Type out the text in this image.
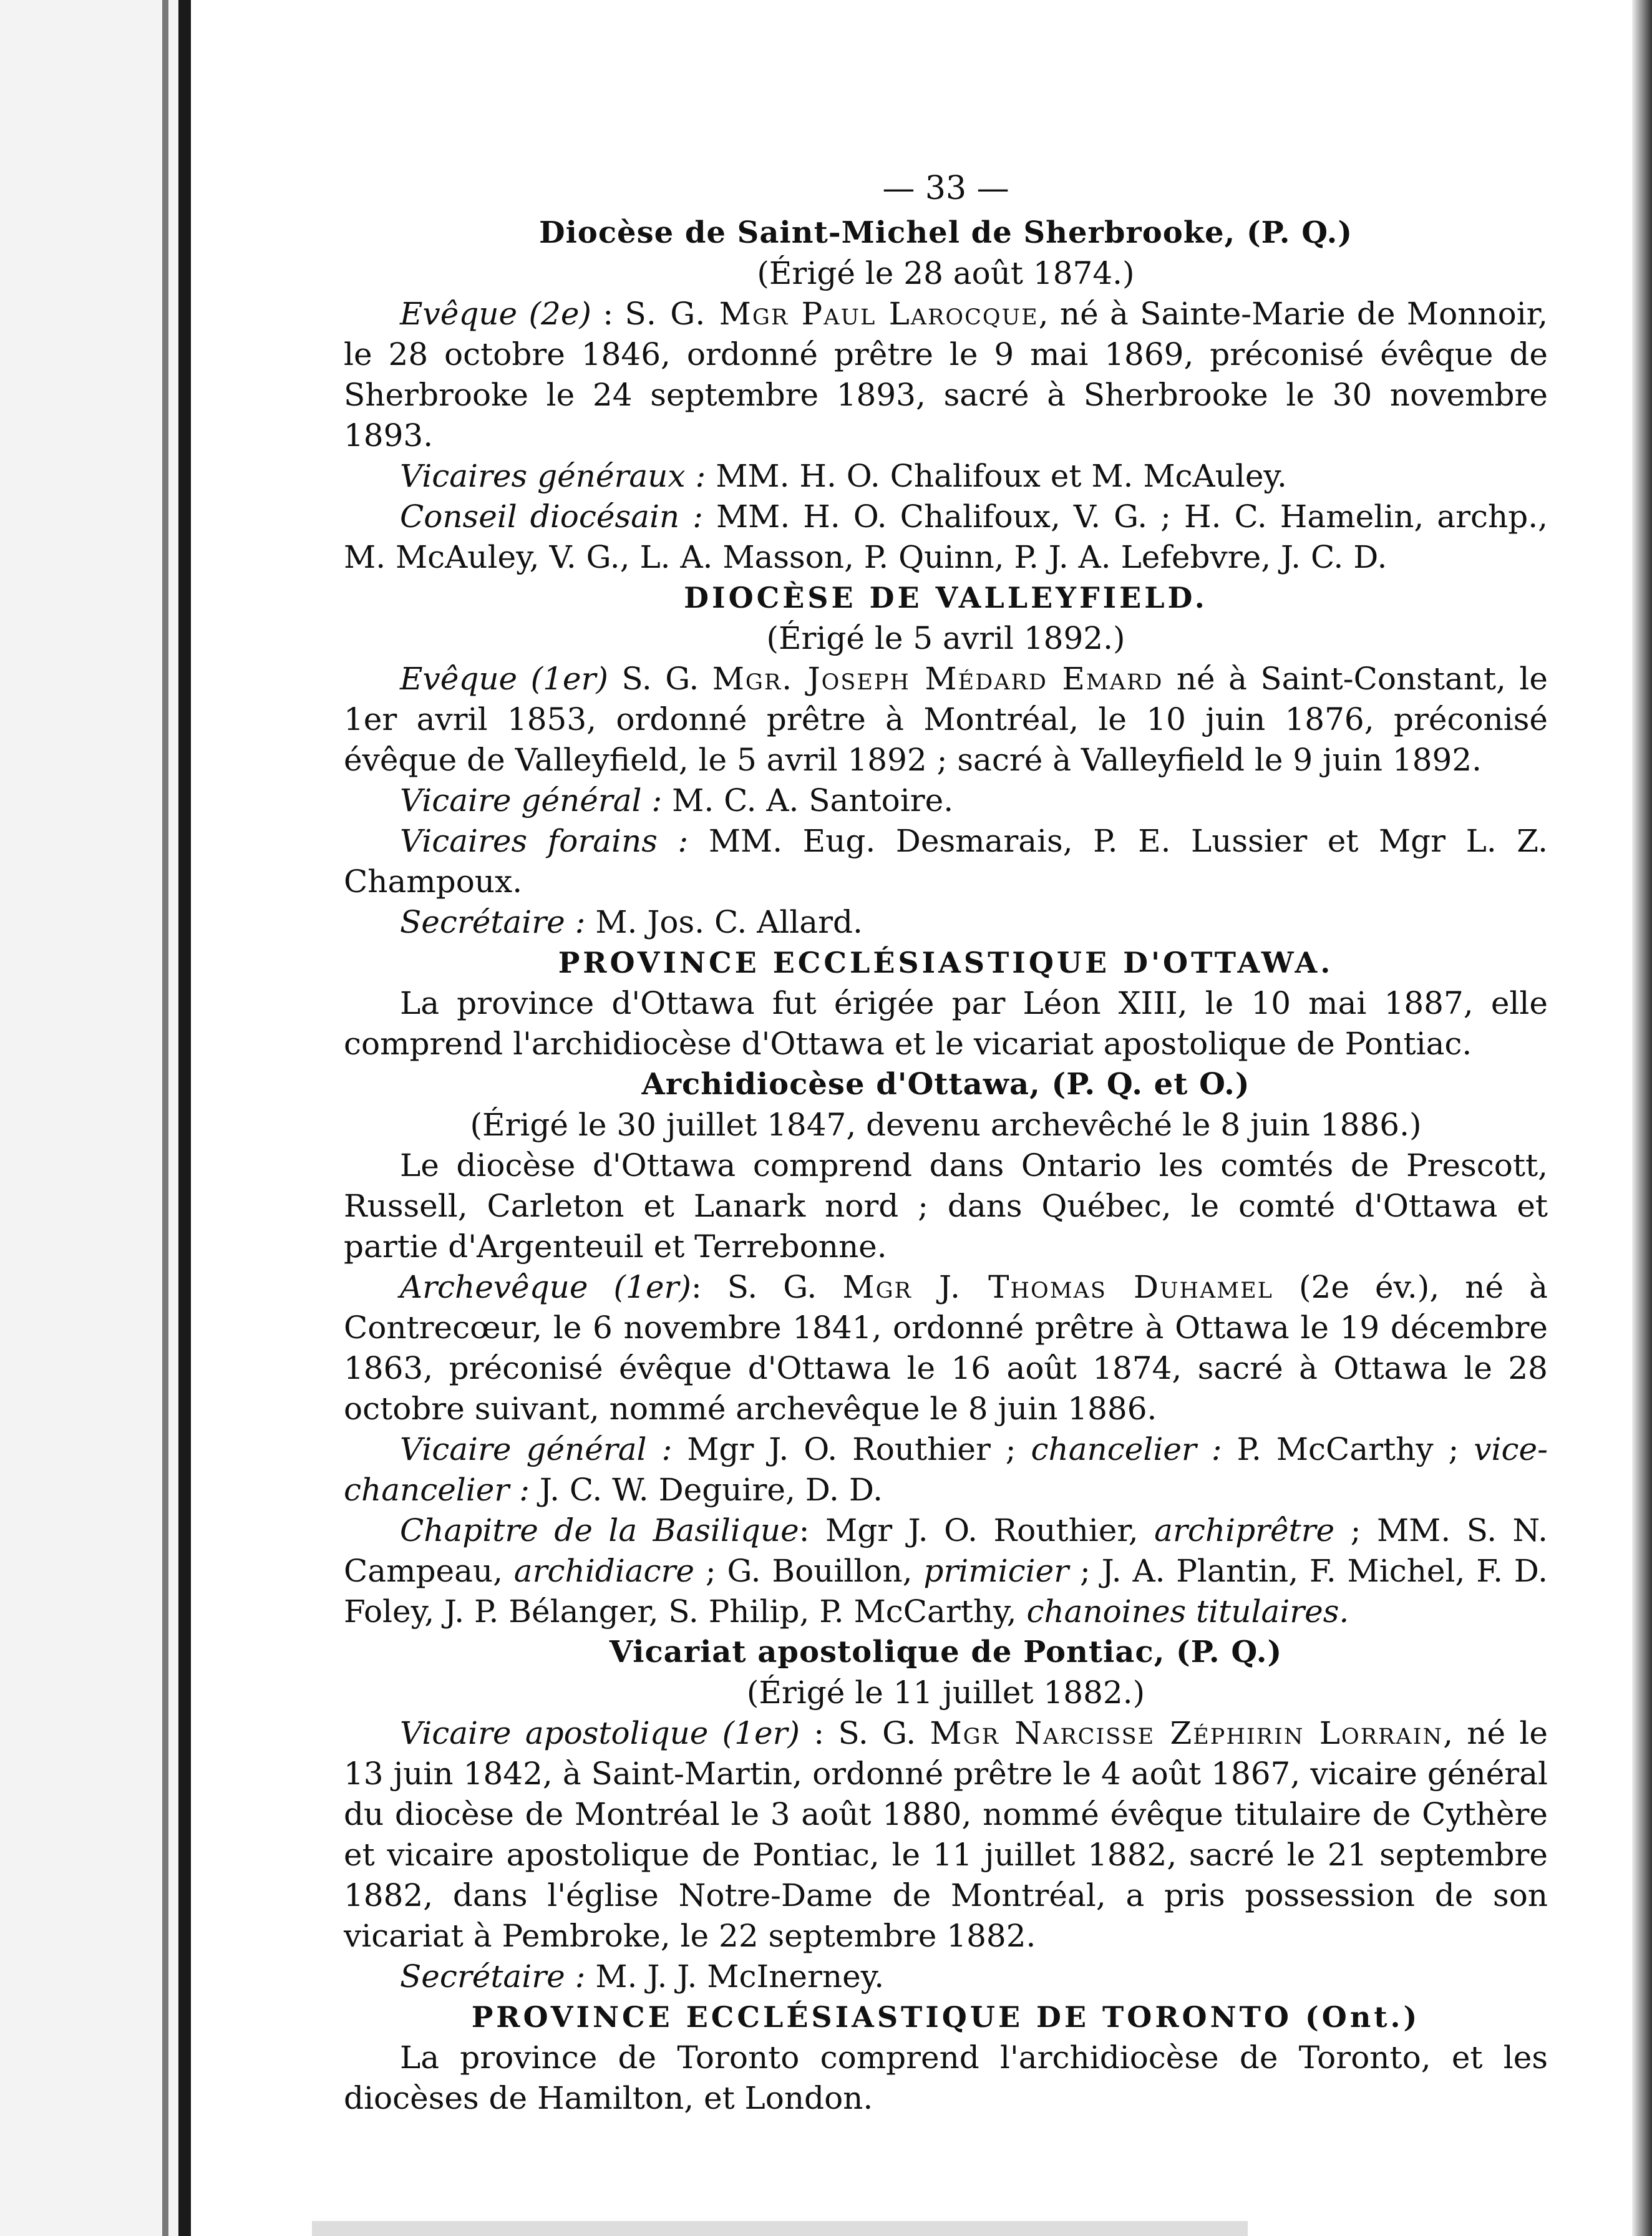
— 33 —
Diocèse de Saint-Michel de Sherbrooke, (P. Q.)
(Érigé le 28 août 1874.)

Evêque (2e) : S. G. Mgr Paul Larocque, né à Sainte-Marie de Monnoir, le 28 octobre 1846, ordonné prêtre le 9 mai 1869, préconisé évêque de Sherbrooke le 24 septembre 1893, sacré à Sherbrooke le 30 novembre 1893.

Vicaires généraux : MM. H. O. Chalifoux et M. McAuley.

Conseil diocésain : MM. H. O. Chalifoux, V. G. ; H. C. Hamelin, archp., M. McAuley, V. G., L. A. Masson, P. Quinn, P. J. A. Lefebvre, J. C. D.

DIOCÈSE DE VALLEYFIELD.
(Érigé le 5 avril 1892.)

Evêque (1er) S. G. Mgr. Joseph Médard Emard né à Saint-Constant, le 1er avril 1853, ordonné prêtre à Montréal, le 10 juin 1876, préconisé évêque de Valleyfield, le 5 avril 1892 ; sacré à Valleyfield le 9 juin 1892.

Vicaire général : M. C. A. Santoire.

Vicaires forains : MM. Eug. Desmarais, P. E. Lussier et Mgr L. Z. Champoux.

Secrétaire : M. Jos. C. Allard.

PROVINCE ECCLÉSIASTIQUE D'OTTAWA.

La province d'Ottawa fut érigée par Léon XIII, le 10 mai 1887, elle comprend l'archidiocèse d'Ottawa et le vicariat apostolique de Pontiac.

Archidiocèse d'Ottawa, (P. Q. et O.)
(Érigé le 30 juillet 1847, devenu archevêché le 8 juin 1886.)

Le diocèse d'Ottawa comprend dans Ontario les comtés de Prescott, Russell, Carleton et Lanark nord ; dans Québec, le comté d'Ottawa et partie d'Argenteuil et Terrebonne.

Archevêque (1er): S. G. Mgr J. Thomas Duhamel (2e év.), né à Contrecœur, le 6 novembre 1841, ordonné prêtre à Ottawa le 19 décembre 1863, préconisé évêque d'Ottawa le 16 août 1874, sacré à Ottawa le 28 octobre suivant, nommé archevêque le 8 juin 1886.

Vicaire général : Mgr J. O. Routhier ; chancelier : P. McCarthy ; vice-chancelier : J. C. W. Deguire, D. D.

Chapitre de la Basilique: Mgr J. O. Routhier, archiprêtre ; MM. S. N. Campeau, archidiacre ; G. Bouillon, primicier ; J. A. Plantin, F. Michel, F. D. Foley, J. P. Bélanger, S. Philip, P. McCarthy, chanoines titulaires.

Vicariat apostolique de Pontiac, (P. Q.)
(Érigé le 11 juillet 1882.)

Vicaire apostolique (1er) : S. G. Mgr Narcisse Zéphirin Lorrain, né le 13 juin 1842, à Saint-Martin, ordonné prêtre le 4 août 1867, vicaire général du diocèse de Montréal le 3 août 1880, nommé évêque titulaire de Cythère et vicaire apostolique de Pontiac, le 11 juillet 1882, sacré le 21 septembre 1882, dans l'église Notre-Dame de Montréal, a pris possession de son vicariat à Pembroke, le 22 septembre 1882.

Secrétaire : M. J. J. McInerney.

PROVINCE ECCLÉSIASTIQUE DE TORONTO (Ont.)

La province de Toronto comprend l'archidiocèse de Toronto, et les diocèses de Hamilton, et London.
